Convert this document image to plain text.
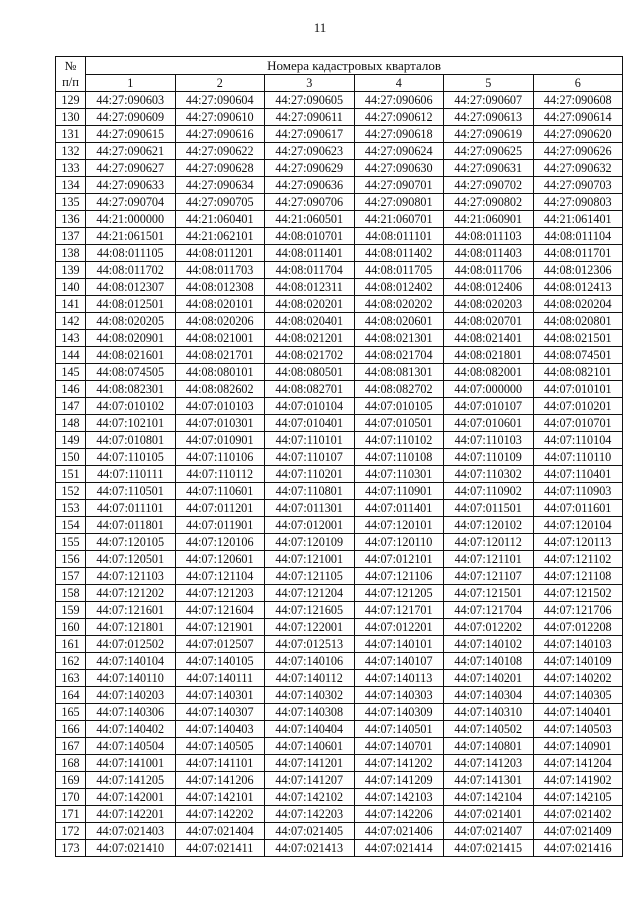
11
№
п/п	Номера кадастровых кварталов					
	1	2	3	4	5	6
129	44:27:090603	44:27:090604	44:27:090605	44:27:090606	44:27:090607	44:27:090608
130	44:27:090609	44:27:090610	44:27:090611	44:27:090612	44:27:090613	44:27:090614
131	44:27:090615	44:27:090616	44:27:090617	44:27:090618	44:27:090619	44:27:090620
132	44:27:090621	44:27:090622	44:27:090623	44:27:090624	44:27:090625	44:27:090626
133	44:27:090627	44:27:090628	44:27:090629	44:27:090630	44:27:090631	44:27:090632
134	44:27:090633	44:27:090634	44:27:090636	44:27:090701	44:27:090702	44:27:090703
135	44:27:090704	44:27:090705	44:27:090706	44:27:090801	44:27:090802	44:27:090803
136	44:21:000000	44:21:060401	44:21:060501	44:21:060701	44:21:060901	44:21:061401
137	44:21:061501	44:21:062101	44:08:010701	44:08:011101	44:08:011103	44:08:011104
138	44:08:011105	44:08:011201	44:08:011401	44:08:011402	44:08:011403	44:08:011701
139	44:08:011702	44:08:011703	44:08:011704	44:08:011705	44:08:011706	44:08:012306
140	44:08:012307	44:08:012308	44:08:012311	44:08:012402	44:08:012406	44:08:012413
141	44:08:012501	44:08:020101	44:08:020201	44:08:020202	44:08:020203	44:08:020204
142	44:08:020205	44:08:020206	44:08:020401	44:08:020601	44:08:020701	44:08:020801
143	44:08:020901	44:08:021001	44:08:021201	44:08:021301	44:08:021401	44:08:021501
144	44:08:021601	44:08:021701	44:08:021702	44:08:021704	44:08:021801	44:08:074501
145	44:08:074505	44:08:080101	44:08:080501	44:08:081301	44:08:082001	44:08:082101
146	44:08:082301	44:08:082602	44:08:082701	44:08:082702	44:07:000000	44:07:010101
147	44:07:010102	44:07:010103	44:07:010104	44:07:010105	44:07:010107	44:07:010201
148	44:07:102101	44:07:010301	44:07:010401	44:07:010501	44:07:010601	44:07:010701
149	44:07:010801	44:07:010901	44:07:110101	44:07:110102	44:07:110103	44:07:110104
150	44:07:110105	44:07:110106	44:07:110107	44:07:110108	44:07:110109	44:07:110110
151	44:07:110111	44:07:110112	44:07:110201	44:07:110301	44:07:110302	44:07:110401
152	44:07:110501	44:07:110601	44:07:110801	44:07:110901	44:07:110902	44:07:110903
153	44:07:011101	44:07:011201	44:07:011301	44:07:011401	44:07:011501	44:07:011601
154	44:07:011801	44:07:011901	44:07:012001	44:07:120101	44:07:120102	44:07:120104
155	44:07:120105	44:07:120106	44:07:120109	44:07:120110	44:07:120112	44:07:120113
156	44:07:120501	44:07:120601	44:07:121001	44:07:012101	44:07:121101	44:07:121102
157	44:07:121103	44:07:121104	44:07:121105	44:07:121106	44:07:121107	44:07:121108
158	44:07:121202	44:07:121203	44:07:121204	44:07:121205	44:07:121501	44:07:121502
159	44:07:121601	44:07:121604	44:07:121605	44:07:121701	44:07:121704	44:07:121706
160	44:07:121801	44:07:121901	44:07:122001	44:07:012201	44:07:012202	44:07:012208
161	44:07:012502	44:07:012507	44:07:012513	44:07:140101	44:07:140102	44:07:140103
162	44:07:140104	44:07:140105	44:07:140106	44:07:140107	44:07:140108	44:07:140109
163	44:07:140110	44:07:140111	44:07:140112	44:07:140113	44:07:140201	44:07:140202
164	44:07:140203	44:07:140301	44:07:140302	44:07:140303	44:07:140304	44:07:140305
165	44:07:140306	44:07:140307	44:07:140308	44:07:140309	44:07:140310	44:07:140401
166	44:07:140402	44:07:140403	44:07:140404	44:07:140501	44:07:140502	44:07:140503
167	44:07:140504	44:07:140505	44:07:140601	44:07:140701	44:07:140801	44:07:140901
168	44:07:141001	44:07:141101	44:07:141201	44:07:141202	44:07:141203	44:07:141204
169	44:07:141205	44:07:141206	44:07:141207	44:07:141209	44:07:141301	44:07:141902
170	44:07:142001	44:07:142101	44:07:142102	44:07:142103	44:07:142104	44:07:142105
171	44:07:142201	44:07:142202	44:07:142203	44:07:142206	44:07:021401	44:07:021402
172	44:07:021403	44:07:021404	44:07:021405	44:07:021406	44:07:021407	44:07:021409
173	44:07:021410	44:07:021411	44:07:021413	44:07:021414	44:07:021415	44:07:021416
